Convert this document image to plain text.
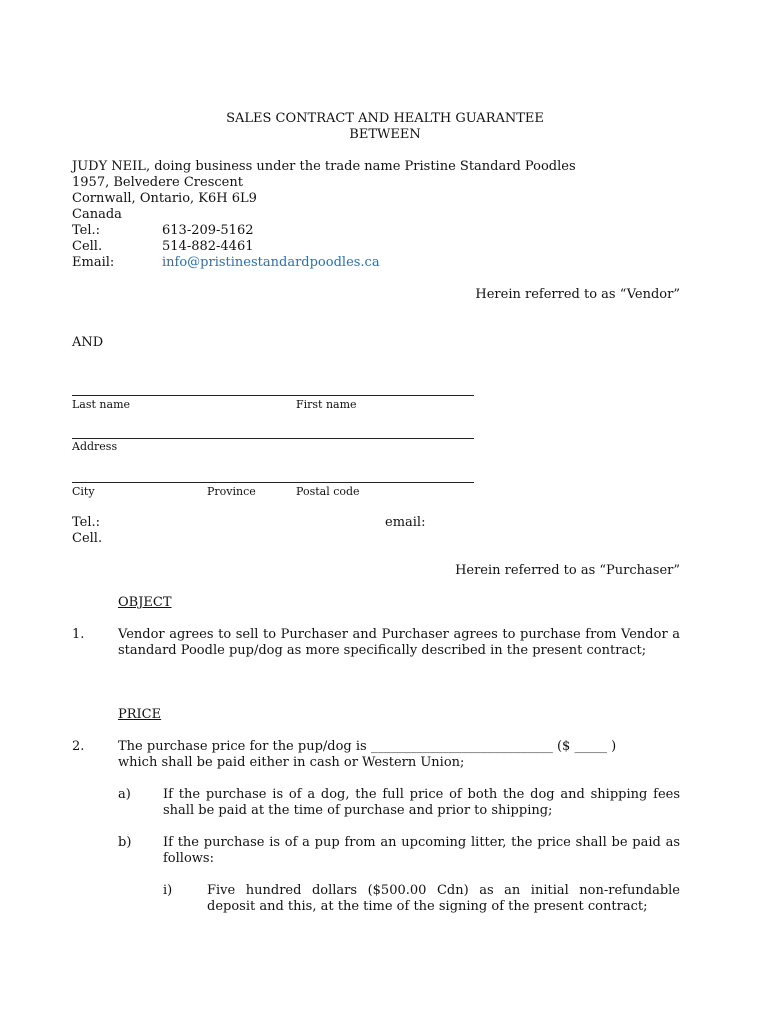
SALES CONTRACT AND HEALTH GUARANTEE
BETWEEN
JUDY NEIL, doing business under the trade name Pristine Standard Poodles
1957, Belvedere Crescent
Cornwall, Ontario, K6H 6L9
Canada
Tel.:	613-209-5162
Cell.	514-882-4461
Email:	info@pristinestandardpoodles.ca
Herein referred to as “Vendor”
AND
Last name	First name
Address
City	Province	Postal code
Tel.:	email:
Cell.
Herein referred to as “Purchaser”
OBJECT
1.	Vendor agrees to sell to Purchaser and Purchaser agrees to purchase from Vendor a standard Poodle pup/dog as more specifically described in the present contract;
PRICE
2.	The purchase price for the pup/dog is ____________________________ ($ _____ )
which shall be paid either in cash or Western Union;
a) If the purchase is of a dog, the full price of both the dog and shipping fees shall be paid at the time of purchase and prior to shipping;
b) If the purchase is of a pup from an upcoming litter, the price shall be paid as follows:
i)	Five hundred dollars ($500.00 Cdn) as an initial non-refundable deposit and this, at the time of the signing of the present contract;
